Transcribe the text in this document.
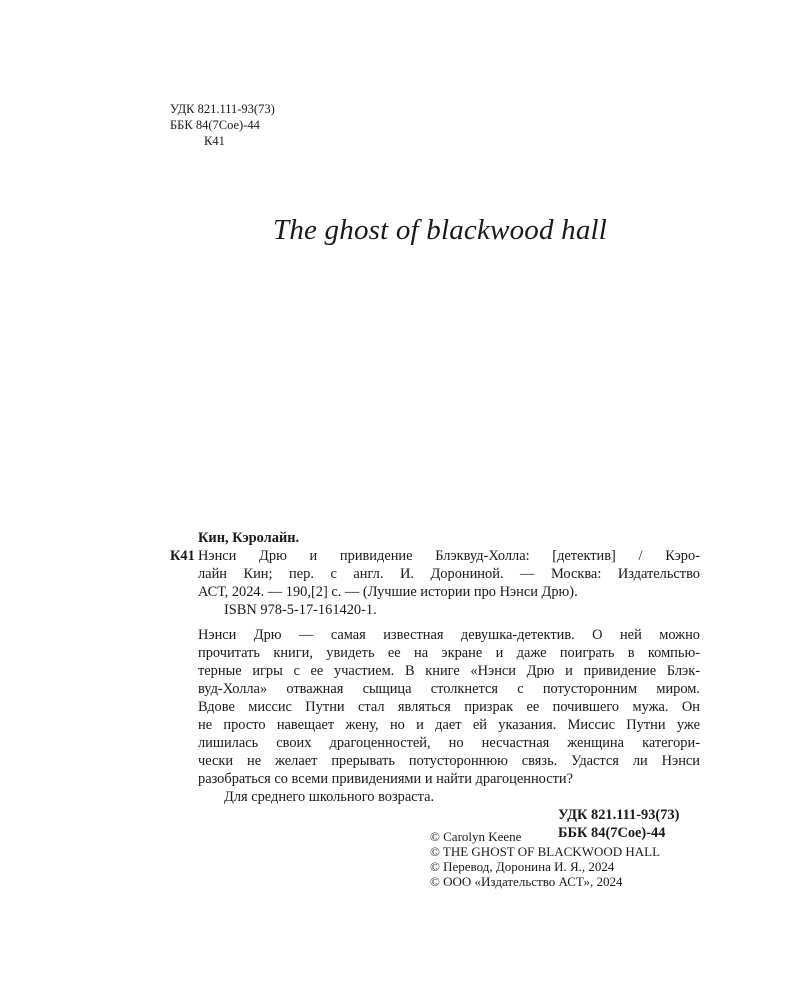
УДК 821.111-93(73)
ББК 84(7Сое)-44
К41
The ghost of blackwood hall
Кин, Кэролайн.
К41 Нэнси Дрю и привидение Блэквуд-Холла: [детектив] / Кэро-
лайн Кин; пер. с англ. И. Дорониной. — Москва: Издательство
АСТ, 2024. — 190,[2] с. — (Лучшие истории про Нэнси Дрю).
ISBN 978-5-17-161420-1.
Нэнси Дрю — самая известная девушка-детектив. О ней можно
прочитать книги, увидеть ее на экране и даже поиграть в компью-
терные игры с ее участием. В книге «Нэнси Дрю и привидение Блэк-
вуд-Холла» отважная сыщица столкнется с потусторонним миром.
Вдове миссис Путни стал являться призрак ее почившего мужа. Он
не просто навещает жену, но и дает ей указания. Миссис Путни уже
лишилась своих драгоценностей, но несчастная женщина категори-
чески не желает прерывать потустороннюю связь. Удастся ли Нэнси
разобраться со всеми привидениями и найти драгоценности?
Для среднего школьного возраста.
УДК 821.111-93(73)
ББК 84(7Сое)-44
© Carolyn Keene
© THE GHOST OF BLACKWOOD HALL
© Перевод, Доронина И. Я., 2024
© ООО «Издательство АСТ», 2024
